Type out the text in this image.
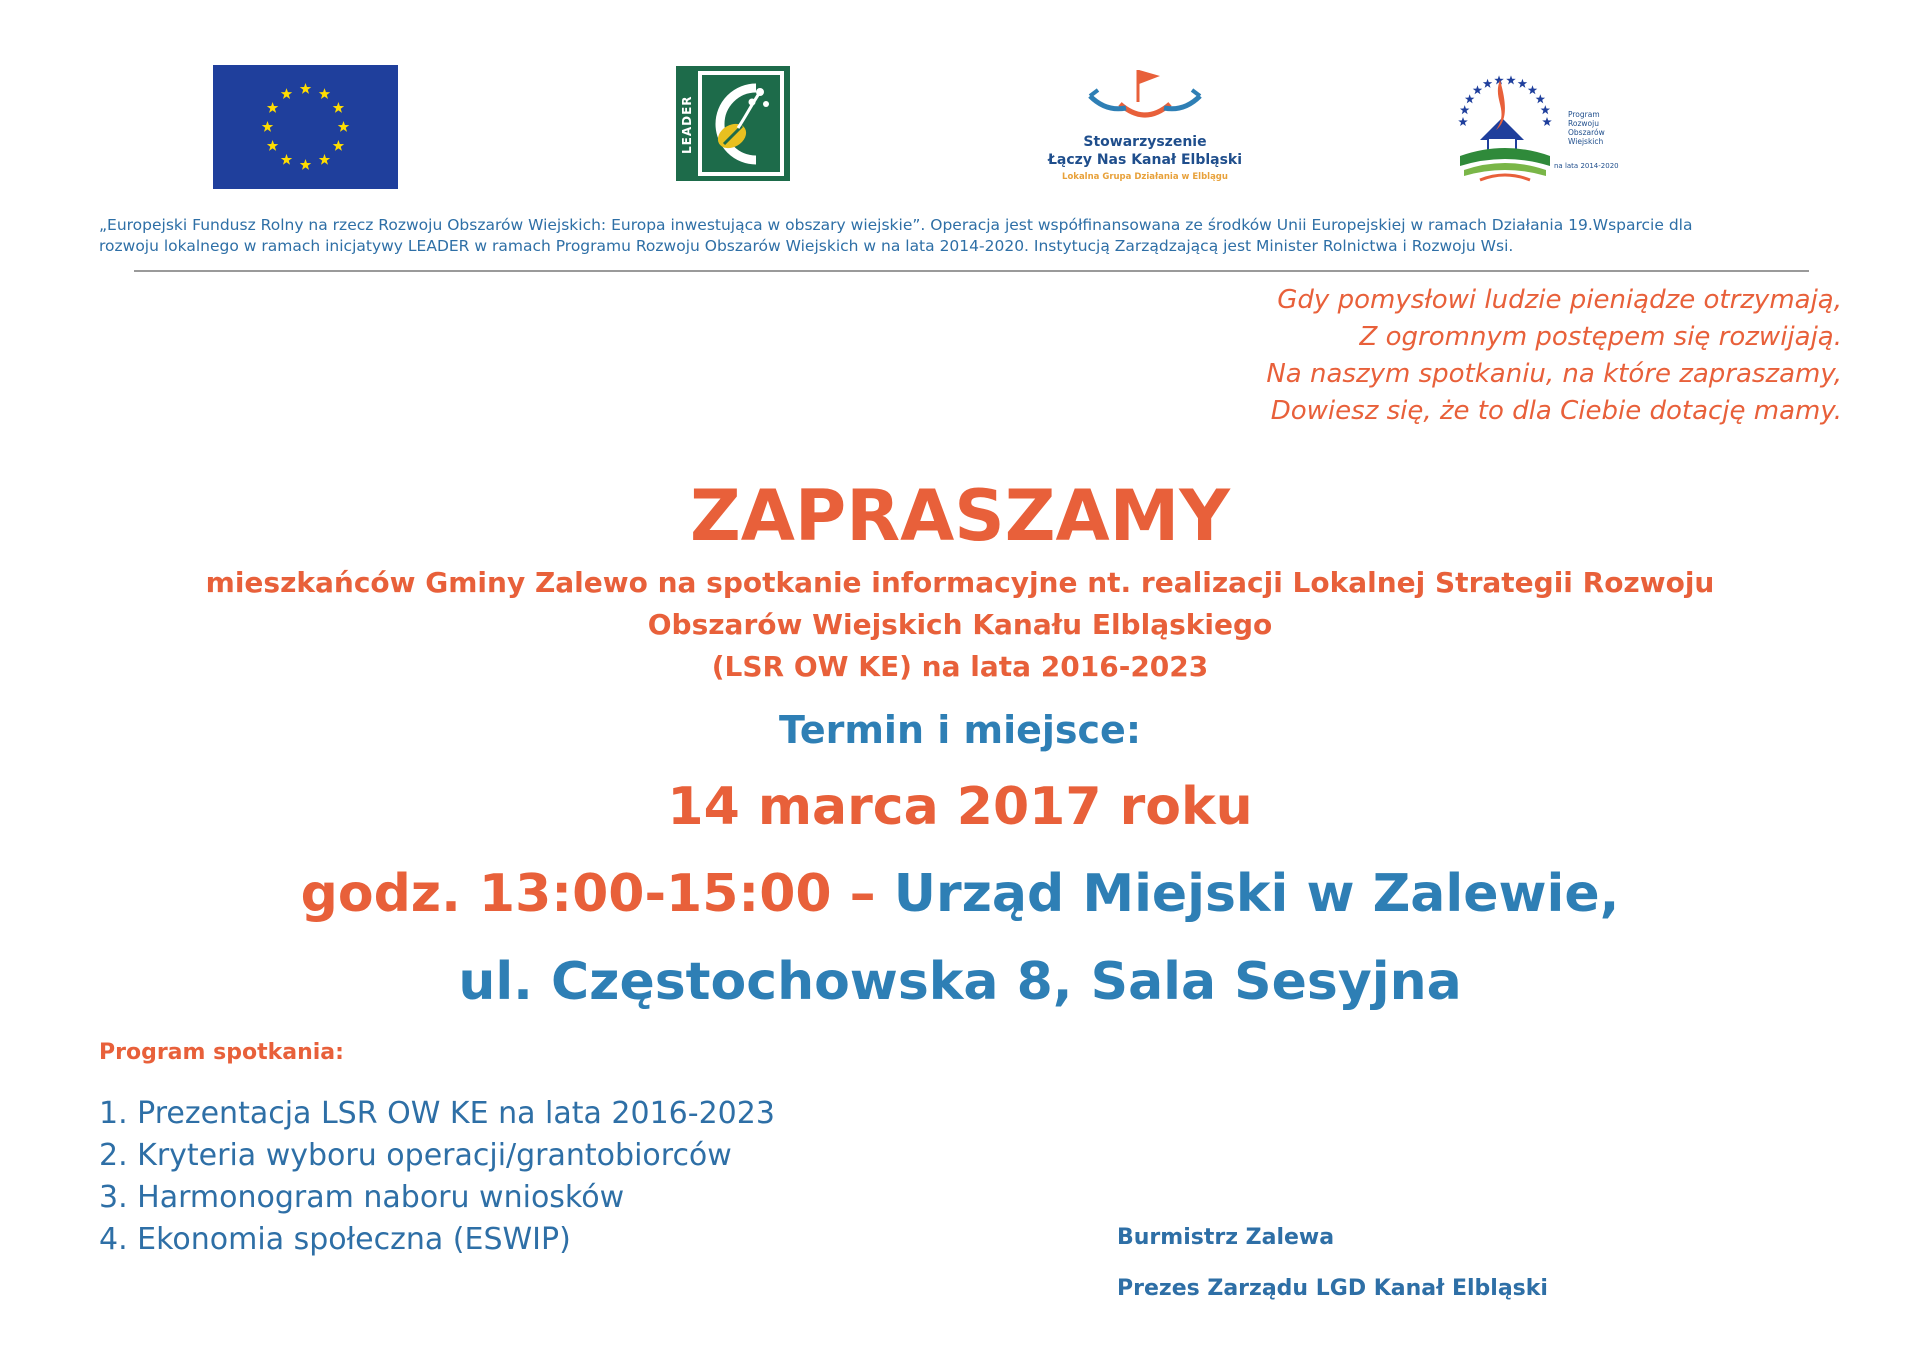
LEADER	Stowarzyszenie
Łączy Nas Kanał Elbląski
Lokalna Grupa Działania w Elblągu
Program
Rozwoju
Obszarów
Wiejskich
na lata 2014-2020
„Europejski Fundusz Rolny na rzecz Rozwoju Obszarów Wiejskich: Europa inwestująca w obszary wiejskie”. Operacja jest współfinansowana ze środków Unii Europejskiej w ramach Działania 19.Wsparcie dla
rozwoju lokalnego w ramach inicjatywy LEADER w ramach Programu Rozwoju Obszarów Wiejskich w na lata 2014-2020. Instytucją Zarządzającą jest Minister Rolnictwa i Rozwoju Wsi.
Gdy pomysłowi ludzie pieniądze otrzymają,
Z ogromnym postępem się rozwijają.
Na naszym spotkaniu, na które zapraszamy,
Dowiesz się, że to dla Ciebie dotację mamy.
ZAPRASZAMY
mieszkańców Gminy Zalewo na spotkanie informacyjne nt. realizacji Lokalnej Strategii Rozwoju
Obszarów Wiejskich Kanału Elbląskiego
(LSR OW KE) na lata 2016-2023
Termin i miejsce:
14 marca 2017 roku
godz. 13:00-15:00 – Urząd Miejski w Zalewie,
ul. Częstochowska 8, Sala Sesyjna
Program spotkania:
1. Prezentacja LSR OW KE na lata 2016-2023
2. Kryteria wyboru operacji/grantobiorców
3. Harmonogram naboru wniosków
4. Ekonomia społeczna (ESWIP)	Burmistrz Zalewa
Prezes Zarządu LGD Kanał Elbląski
